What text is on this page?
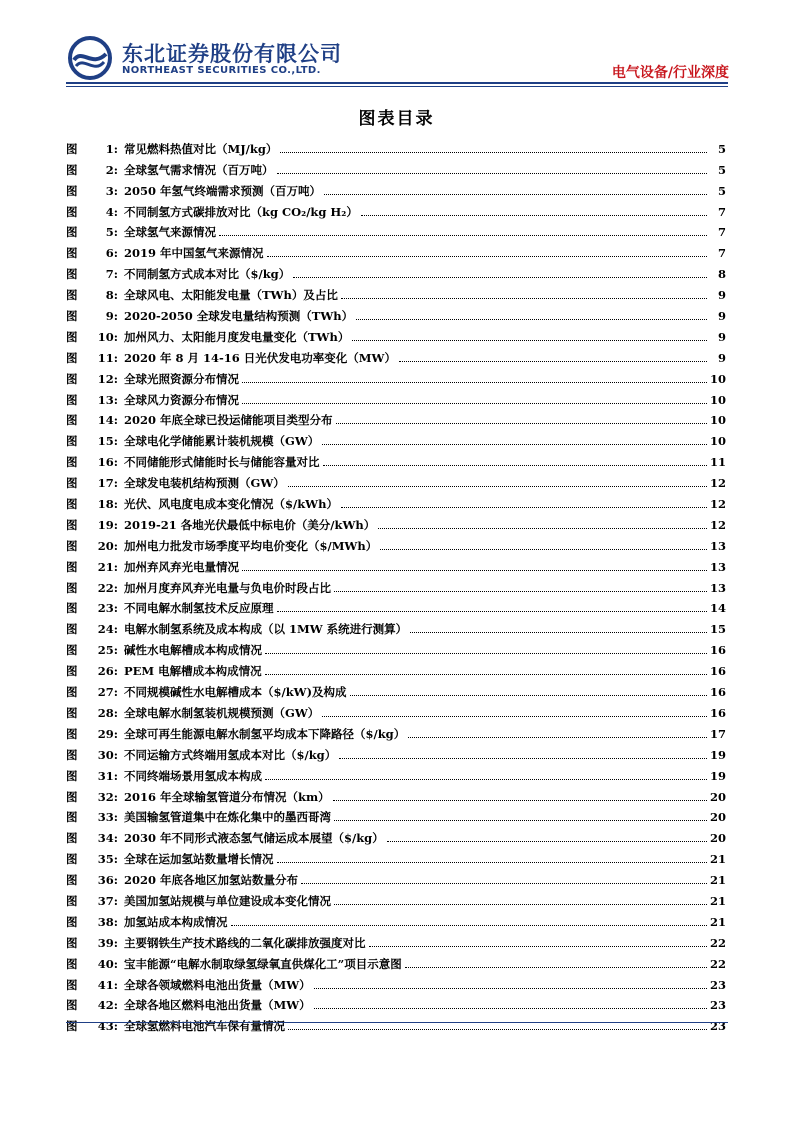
东北证券股份有限公司
NORTHEAST SECURITIES CO.,LTD.	电气设备/行业深度
图表目录
图	1: 常见燃料热值对比（MJ/kg）	5
图	2: 全球氢气需求情况（百万吨）	5
图	3: 2050 年氢气终端需求预测（百万吨）	5
图	4: 不同制氢方式碳排放对比（kg CO₂/kg H₂）	7
图	5: 全球氢气来源情况	7
图	6: 2019 年中国氢气来源情况	7
图	7: 不同制氢方式成本对比（$/kg）	8
图	8: 全球风电、太阳能发电量（TWh）及占比	9
图	9: 2020-2050 全球发电量结构预测（TWh）	9
图	10: 加州风力、太阳能月度发电量变化（TWh）	9
图	11: 2020 年 8 月 14-16 日光伏发电功率变化（MW）	9
图	12: 全球光照资源分布情况	10
图	13: 全球风力资源分布情况	10
图	14: 2020 年底全球已投运储能项目类型分布	10
图	15: 全球电化学储能累计装机规模（GW）	10
图	16: 不同储能形式储能时长与储能容量对比	11
图	17: 全球发电装机结构预测（GW）	12
图	18: 光伏、风电度电成本变化情况（$/kWh）	12
图	19: 2019-21 各地光伏最低中标电价（美分/kWh）	12
图	20: 加州电力批发市场季度平均电价变化（$/MWh）	13
图	21: 加州弃风弃光电量情况	13
图	22: 加州月度弃风弃光电量与负电价时段占比	13
图	23: 不同电解水制氢技术反应原理	14
图	24: 电解水制氢系统及成本构成（以 1MW 系统进行测算）	15
图	25: 碱性水电解槽成本构成情况	16
图	26: PEM 电解槽成本构成情况	16
图	27: 不同规模碱性水电解槽成本（$/kW)及构成	16
图	28: 全球电解水制氢装机规模预测（GW）	16
图	29: 全球可再生能源电解水制氢平均成本下降路径（$/kg）	17
图	30: 不同运输方式终端用氢成本对比（$/kg）	19
图	31: 不同终端场景用氢成本构成	19
图	32: 2016 年全球输氢管道分布情况（km）	20
图	33: 美国输氢管道集中在炼化集中的墨西哥湾	20
图	34: 2030 年不同形式液态氢气储运成本展望（$/kg）	20
图	35: 全球在运加氢站数量增长情况	21
图	36: 2020 年底各地区加氢站数量分布	21
图	37: 美国加氢站规模与单位建设成本变化情况	21
图	38: 加氢站成本构成情况	21
图	39: 主要钢铁生产技术路线的二氧化碳排放强度对比	22
图	40: 宝丰能源“电解水制取绿氢绿氧直供煤化工”项目示意图	22
图	41: 全球各领域燃料电池出货量（MW）	23
图	42: 全球各地区燃料电池出货量（MW）	23
图	43: 全球氢燃料电池汽车保有量情况	23
